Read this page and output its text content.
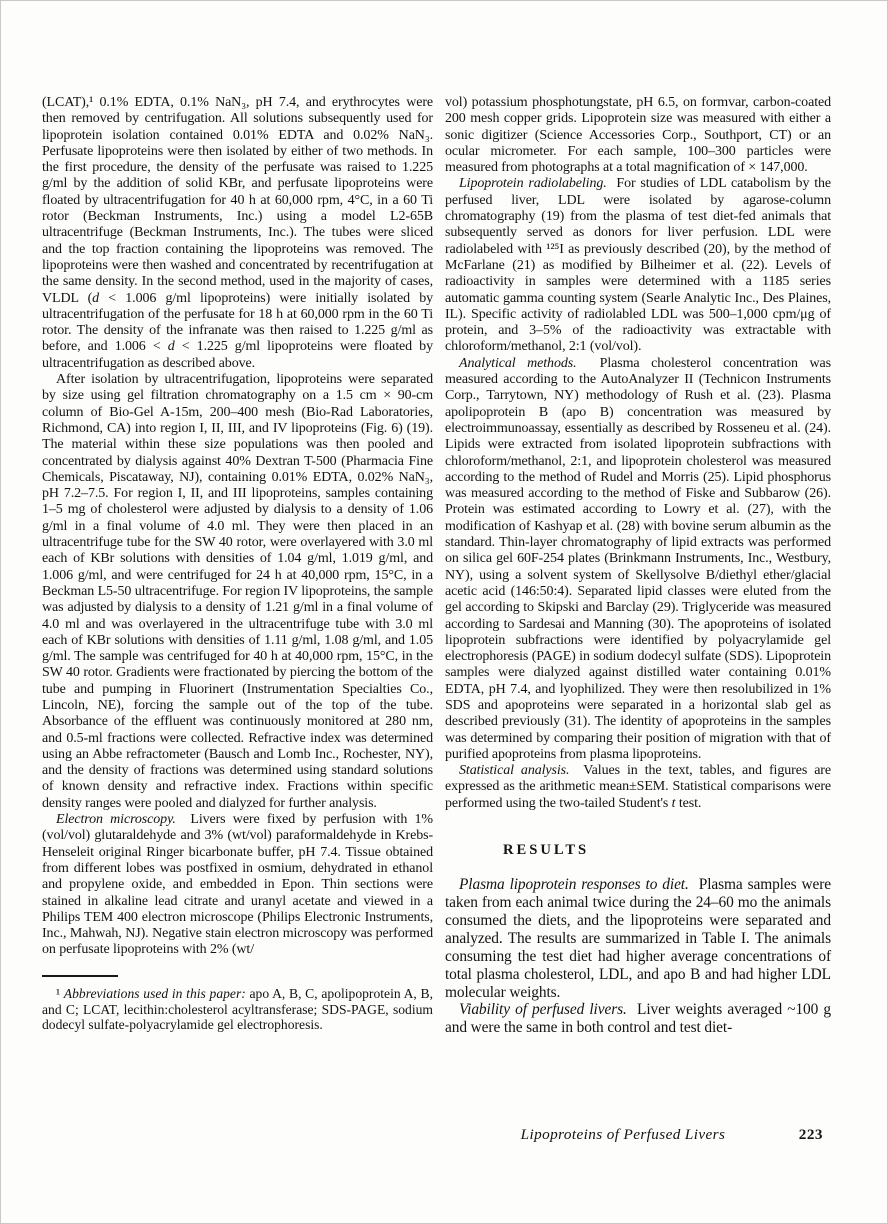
(LCAT),¹ 0.1% EDTA, 0.1% NaN₃, pH 7.4, and erythrocytes were then removed by centrifugation. All solutions subsequently used for lipoprotein isolation contained 0.01% EDTA and 0.02% NaN₃. Perfusate lipoproteins were then isolated by either of two methods. In the first procedure, the density of the perfusate was raised to 1.225 g/ml by the addition of solid KBr, and perfusate lipoproteins were floated by ultracentrifugation for 40 h at 60,000 rpm, 4°C, in a 60 Ti rotor (Beckman Instruments, Inc.) using a model L2-65B ultracentrifuge (Beckman Instruments, Inc.). The tubes were sliced and the top fraction containing the lipoproteins was removed. The lipoproteins were then washed and concentrated by recentrifugation at the same density. In the second method, used in the majority of cases, VLDL (d < 1.006 g/ml lipoproteins) were initially isolated by ultracentrifugation of the perfusate for 18 h at 60,000 rpm in the 60 Ti rotor. The density of the infranate was then raised to 1.225 g/ml as before, and 1.006 < d < 1.225 g/ml lipoproteins were floated by ultracentrifugation as described above.

After isolation by ultracentrifugation, lipoproteins were separated by size using gel filtration chromatography on a 1.5 cm × 90-cm column of Bio-Gel A-15m, 200–400 mesh (Bio-Rad Laboratories, Richmond, CA) into region I, II, III, and IV lipoproteins (Fig. 6) (19). The material within these size populations was then pooled and concentrated by dialysis against 40% Dextran T-500 (Pharmacia Fine Chemicals, Piscataway, NJ), containing 0.01% EDTA, 0.02% NaN₃, pH 7.2–7.5. For region I, II, and III lipoproteins, samples containing 1–5 mg of cholesterol were adjusted by dialysis to a density of 1.06 g/ml in a final volume of 4.0 ml. They were then placed in an ultracentrifuge tube for the SW 40 rotor, were overlayered with 3.0 ml each of KBr solutions with densities of 1.04 g/ml, 1.019 g/ml, and 1.006 g/ml, and were centrifuged for 24 h at 40,000 rpm, 15°C, in a Beckman L5-50 ultracentrifuge. For region IV lipoproteins, the sample was adjusted by dialysis to a density of 1.21 g/ml in a final volume of 4.0 ml and was overlayered in the ultracentrifuge tube with 3.0 ml each of KBr solutions with densities of 1.11 g/ml, 1.08 g/ml, and 1.05 g/ml. The sample was centrifuged for 40 h at 40,000 rpm, 15°C, in the SW 40 rotor. Gradients were fractionated by piercing the bottom of the tube and pumping in Fluorinert (Instrumentation Specialties Co., Lincoln, NE), forcing the sample out of the top of the tube. Absorbance of the effluent was continuously monitored at 280 nm, and 0.5-ml fractions were collected. Refractive index was determined using an Abbe refractometer (Bausch and Lomb Inc., Rochester, NY), and the density of fractions was determined using standard solutions of known density and refractive index. Fractions within specific density ranges were pooled and dialyzed for further analysis.

Electron microscopy.  Livers were fixed by perfusion with 1% (vol/vol) glutaraldehyde and 3% (wt/vol) paraformaldehyde in Krebs-Henseleit original Ringer bicarbonate buffer, pH 7.4. Tissue obtained from different lobes was postfixed in osmium, dehydrated in ethanol and propylene oxide, and embedded in Epon. Thin sections were stained in alkaline lead citrate and uranyl acetate and viewed in a Philips TEM 400 electron microscope (Philips Electronic Instruments, Inc., Mahwah, NJ). Negative stain electron microscopy was performed on perfusate lipoproteins with 2% (wt/

¹ Abbreviations used in this paper: apo A, B, C, apolipoprotein A, B, and C; LCAT, lecithin:cholesterol acyltransferase; SDS-PAGE, sodium dodecyl sulfate-polyacrylamide gel electrophoresis.

vol) potassium phosphotungstate, pH 6.5, on formvar, carbon-coated 200 mesh copper grids. Lipoprotein size was measured with either a sonic digitizer (Science Accessories Corp., Southport, CT) or an ocular micrometer. For each sample, 100–300 particles were measured from photographs at a total magnification of × 147,000.

Lipoprotein radiolabeling.  For studies of LDL catabolism by the perfused liver, LDL were isolated by agarose-column chromatography (19) from the plasma of test diet-fed animals that subsequently served as donors for liver perfusion. LDL were radiolabeled with ¹²⁵I as previously described (20), by the method of McFarlane (21) as modified by Bilheimer et al. (22). Levels of radioactivity in samples were determined with a 1185 series automatic gamma counting system (Searle Analytic Inc., Des Plaines, IL). Specific activity of radiolabled LDL was 500–1,000 cpm/μg of protein, and 3–5% of the radioactivity was extractable with chloroform/methanol, 2:1 (vol/vol).

Analytical methods.  Plasma cholesterol concentration was measured according to the AutoAnalyzer II (Technicon Instruments Corp., Tarrytown, NY) methodology of Rush et al. (23). Plasma apolipoprotein B (apo B) concentration was measured by electroimmunoassay, essentially as described by Rosseneu et al. (24). Lipids were extracted from isolated lipoprotein subfractions with chloroform/methanol, 2:1, and lipoprotein cholesterol was measured according to the method of Rudel and Morris (25). Lipid phosphorus was measured according to the method of Fiske and Subbarow (26). Protein was estimated according to Lowry et al. (27), with the modification of Kashyap et al. (28) with bovine serum albumin as the standard. Thin-layer chromatography of lipid extracts was performed on silica gel 60F-254 plates (Brinkmann Instruments, Inc., Westbury, NY), using a solvent system of Skellysolve B/diethyl ether/glacial acetic acid (146:50:4). Separated lipid classes were eluted from the gel according to Skipski and Barclay (29). Triglyceride was measured according to Sardesai and Manning (30). The apoproteins of isolated lipoprotein subfractions were identified by polyacrylamide gel electrophoresis (PAGE) in sodium dodecyl sulfate (SDS). Lipoprotein samples were dialyzed against distilled water containing 0.01% EDTA, pH 7.4, and lyophilized. They were then resolubilized in 1% SDS and apoproteins were separated in a horizontal slab gel as described previously (31). The identity of apoproteins in the samples was determined by comparing their position of migration with that of purified apoproteins from plasma lipoproteins.

Statistical analysis.  Values in the text, tables, and figures are expressed as the arithmetic mean±SEM. Statistical comparisons were performed using the two-tailed Student's t test.

RESULTS

Plasma lipoprotein responses to diet.  Plasma samples were taken from each animal twice during the 24–60 mo the animals consumed the diets, and the lipoproteins were separated and analyzed. The results are summarized in Table I. The animals consuming the test diet had higher average concentrations of total plasma cholesterol, LDL, and apo B and had higher LDL molecular weights.

Viability of perfused livers.  Liver weights averaged ~100 g and were the same in both control and test diet-

Lipoproteins of Perfused Livers	223
